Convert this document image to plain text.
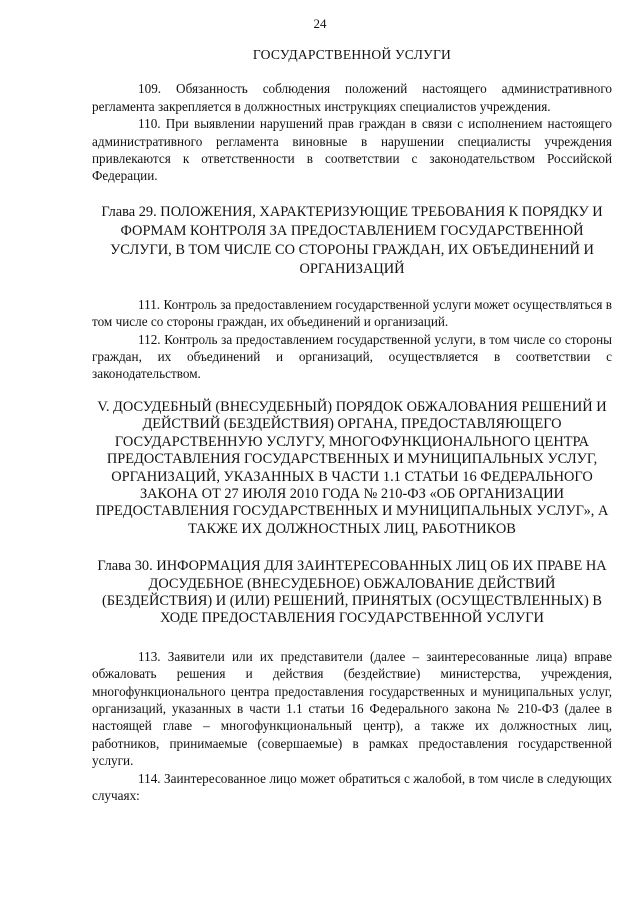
24
ГОСУДАРСТВЕННОЙ УСЛУГИ

109. Обязанность соблюдения положений настоящего административного регламента закрепляется в должностных инструкциях специалистов учреждения.

110. При выявлении нарушений прав граждан в связи с исполнением настоящего административного регламента виновные в нарушении специалисты учреждения привлекаются к ответственности в соответствии с законодательством Российской Федерации.

Глава 29. ПОЛОЖЕНИЯ, ХАРАКТЕРИЗУЮЩИЕ ТРЕБОВАНИЯ К ПОРЯДКУ И ФОРМАМ КОНТРОЛЯ ЗА ПРЕДОСТАВЛЕНИЕМ ГОСУДАРСТВЕННОЙ УСЛУГИ, В ТОМ ЧИСЛЕ СО СТОРОНЫ ГРАЖДАН, ИХ ОБЪЕДИНЕНИЙ И ОРГАНИЗАЦИЙ

111. Контроль за предоставлением государственной услуги может осуществляться в том числе со стороны граждан, их объединений и организаций.

112. Контроль за предоставлением государственной услуги, в том числе со стороны граждан, их объединений и организаций, осуществляется в соответствии с законодательством.

V. ДОСУДЕБНЫЙ (ВНЕСУДЕБНЫЙ) ПОРЯДОК ОБЖАЛОВАНИЯ РЕШЕНИЙ И ДЕЙСТВИЙ (БЕЗДЕЙСТВИЯ) ОРГАНА, ПРЕДОСТАВЛЯЮЩЕГО ГОСУДАРСТВЕННУЮ УСЛУГУ, МНОГОФУНКЦИОНАЛЬНОГО ЦЕНТРА ПРЕДОСТАВЛЕНИЯ ГОСУДАРСТВЕННЫХ И МУНИЦИПАЛЬНЫХ УСЛУГ, ОРГАНИЗАЦИЙ, УКАЗАННЫХ В ЧАСТИ 1.1 СТАТЬИ 16 ФЕДЕРАЛЬНОГО ЗАКОНА ОТ 27 ИЮЛЯ 2010 ГОДА № 210-ФЗ «ОБ ОРГАНИЗАЦИИ ПРЕДОСТАВЛЕНИЯ ГОСУДАРСТВЕННЫХ И МУНИЦИПАЛЬНЫХ УСЛУГ», А ТАКЖЕ ИХ ДОЛЖНОСТНЫХ ЛИЦ, РАБОТНИКОВ
Глава 30. ИНФОРМАЦИЯ ДЛЯ ЗАИНТЕРЕСОВАННЫХ ЛИЦ ОБ ИХ ПРАВЕ НА ДОСУДЕБНОЕ (ВНЕСУДЕБНОЕ) ОБЖАЛОВАНИЕ ДЕЙСТВИЙ (БЕЗДЕЙСТВИЯ) И (ИЛИ) РЕШЕНИЙ, ПРИНЯТЫХ (ОСУЩЕСТВЛЕННЫХ) В ХОДЕ ПРЕДОСТАВЛЕНИЯ ГОСУДАРСТВЕННОЙ УСЛУГИ

113. Заявители или их представители (далее – заинтересованные лица) вправе обжаловать решения и действия (бездействие) министерства, учреждения, многофункционального центра предоставления государственных и муниципальных услуг, организаций, указанных в части 1.1 статьи 16 Федерального закона № 210-ФЗ (далее в настоящей главе – многофункциональный центр), а также их должностных лиц, работников, принимаемые (совершаемые) в рамках предоставления государственной услуги.

114. Заинтересованное лицо может обратиться с жалобой, в том числе в следующих случаях:
